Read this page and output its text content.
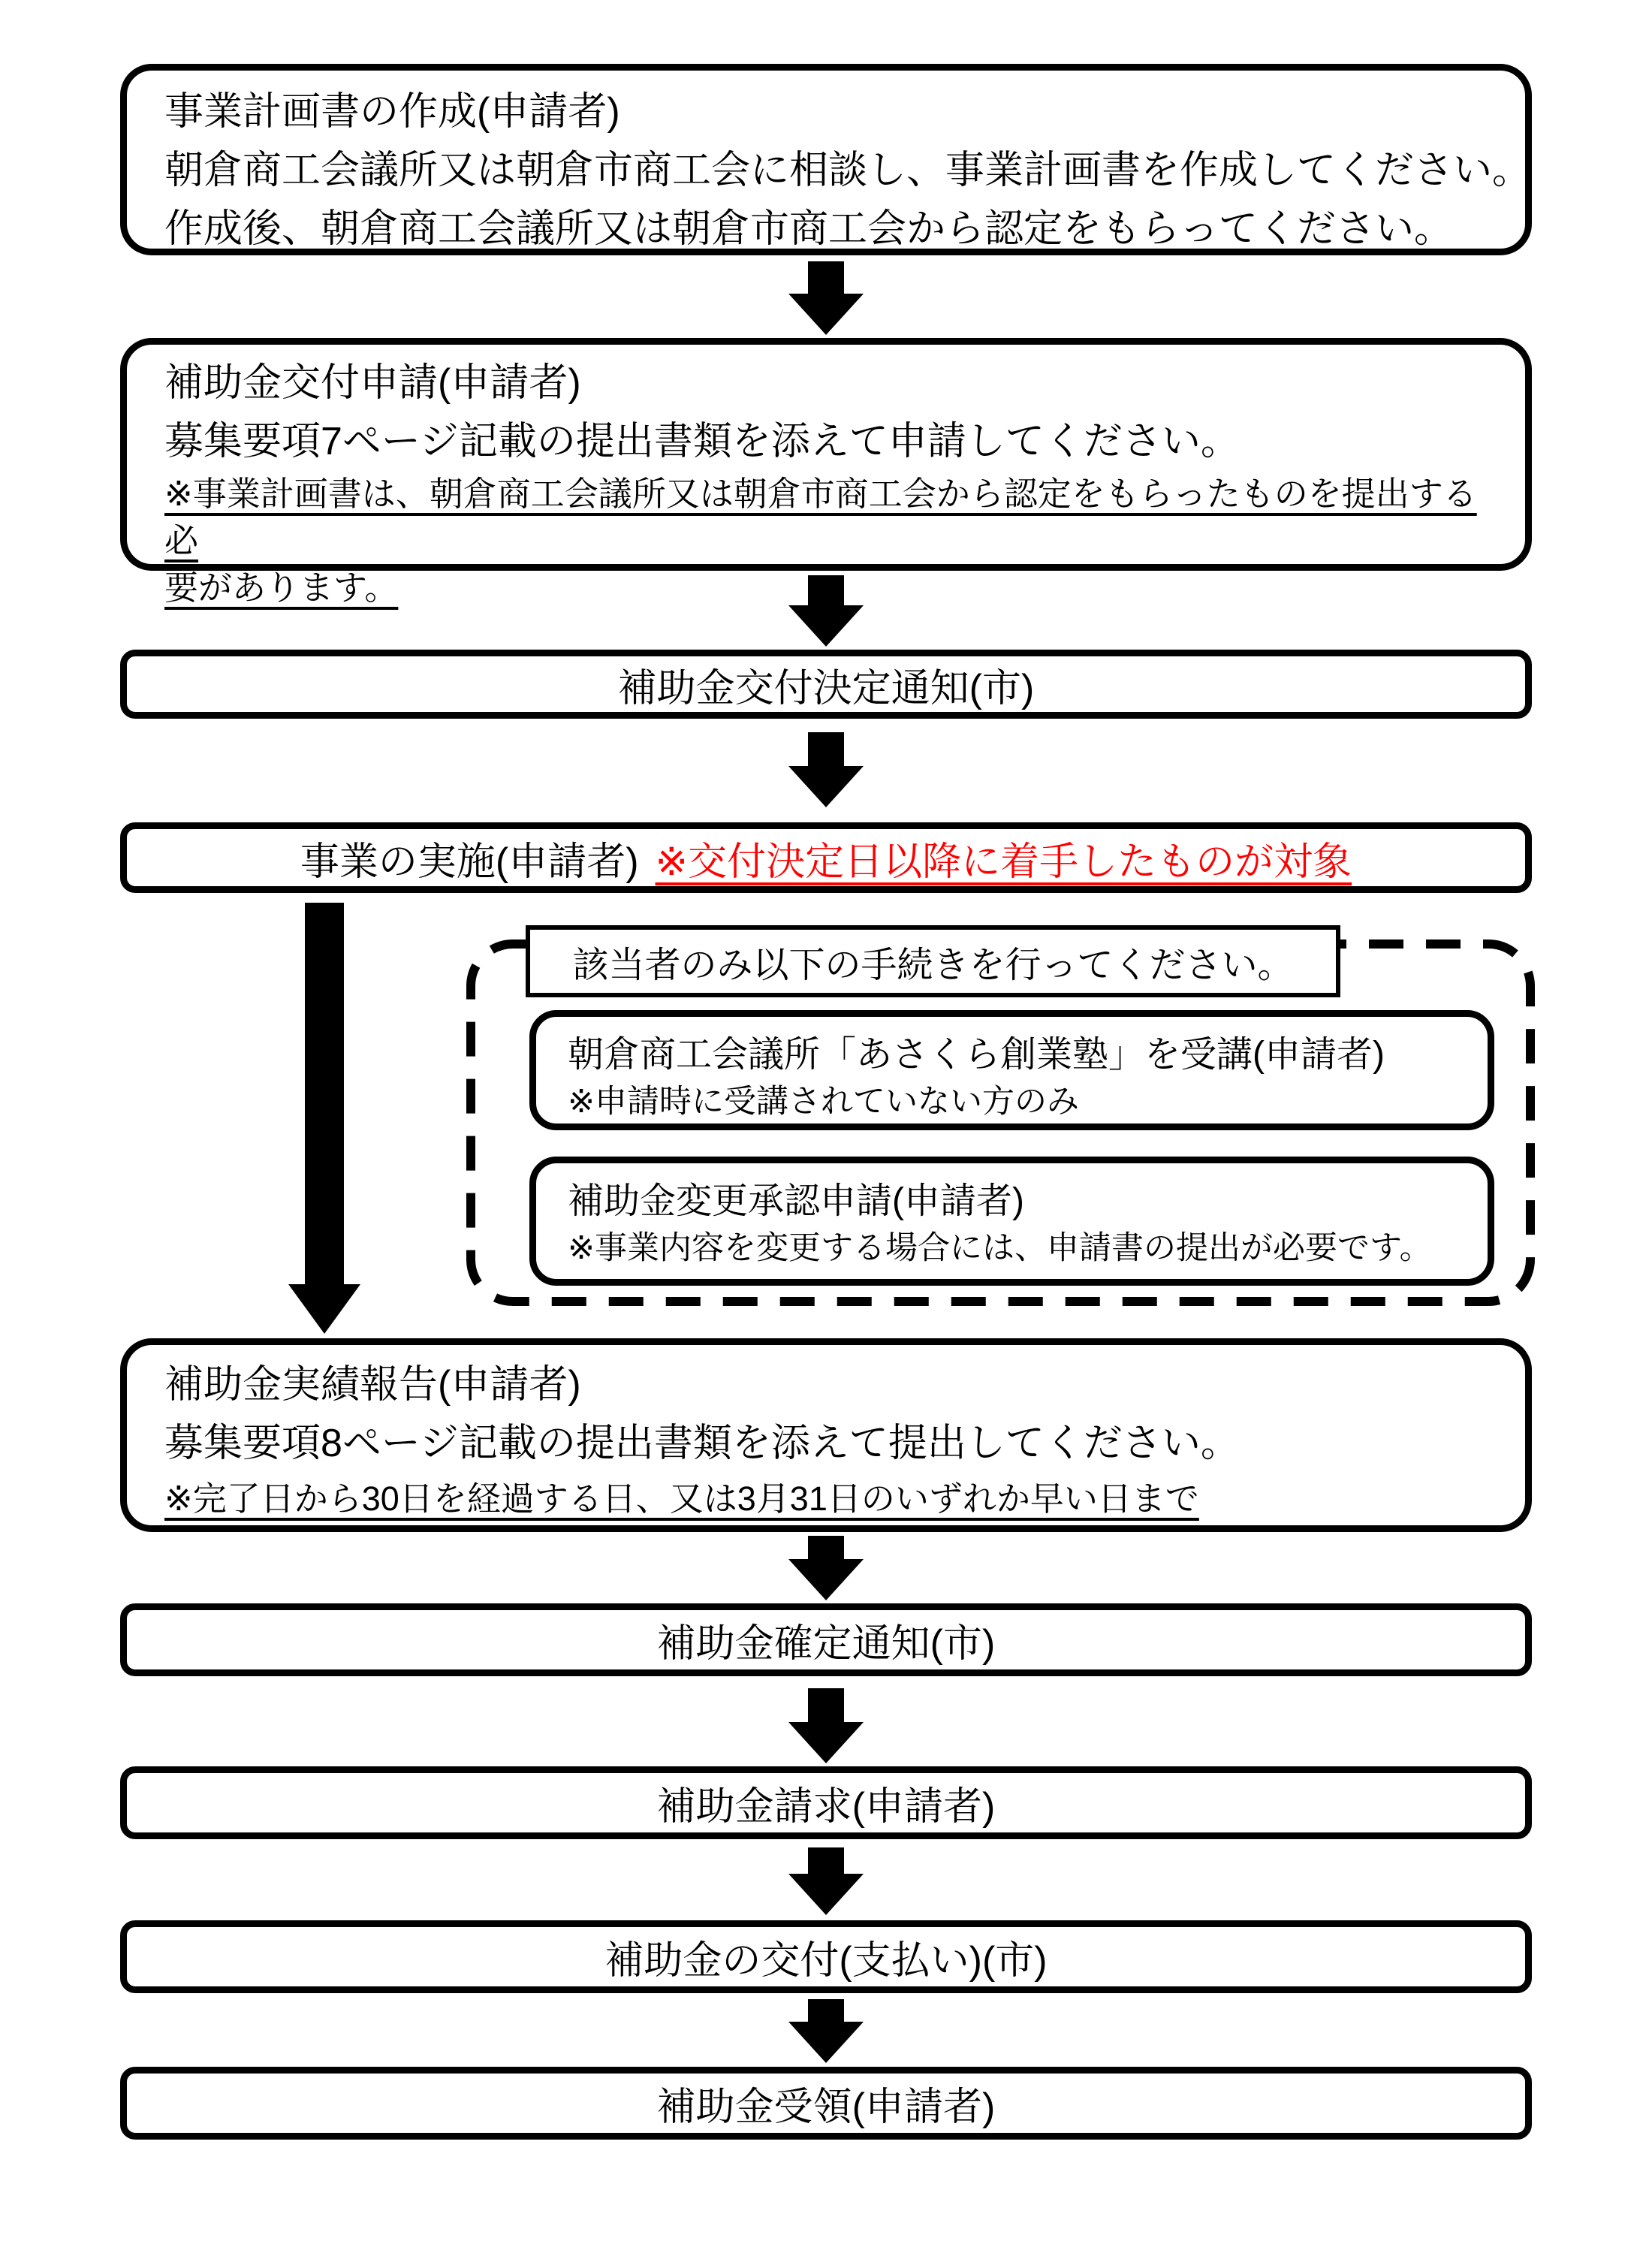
事業計画書の作成(申請者)
朝倉商工会議所又は朝倉市商工会に相談し、事業計画書を作成してください。
作成後、朝倉商工会議所又は朝倉市商工会から認定をもらってください。
補助金交付申請(申請者)
募集要項7ページ記載の提出書類を添えて申請してください。
※事業計画書は、朝倉商工会議所又は朝倉市商工会から認定をもらったものを提出する必
要があります。
補助金交付決定通知(市)
事業の実施(申請者) ※交付決定日以降に着手したものが対象
該当者のみ以下の手続きを行ってください。
朝倉商工会議所「あさくら創業塾」を受講(申請者)
※申請時に受講されていない方のみ
補助金変更承認申請(申請者)
※事業内容を変更する場合には、申請書の提出が必要です。
補助金実績報告(申請者)
募集要項8ページ記載の提出書類を添えて提出してください。
※完了日から30日を経過する日、又は3月31日のいずれか早い日まで
補助金確定通知(市)
補助金請求(申請者)
補助金の交付(支払い)(市)
補助金受領(申請者)
